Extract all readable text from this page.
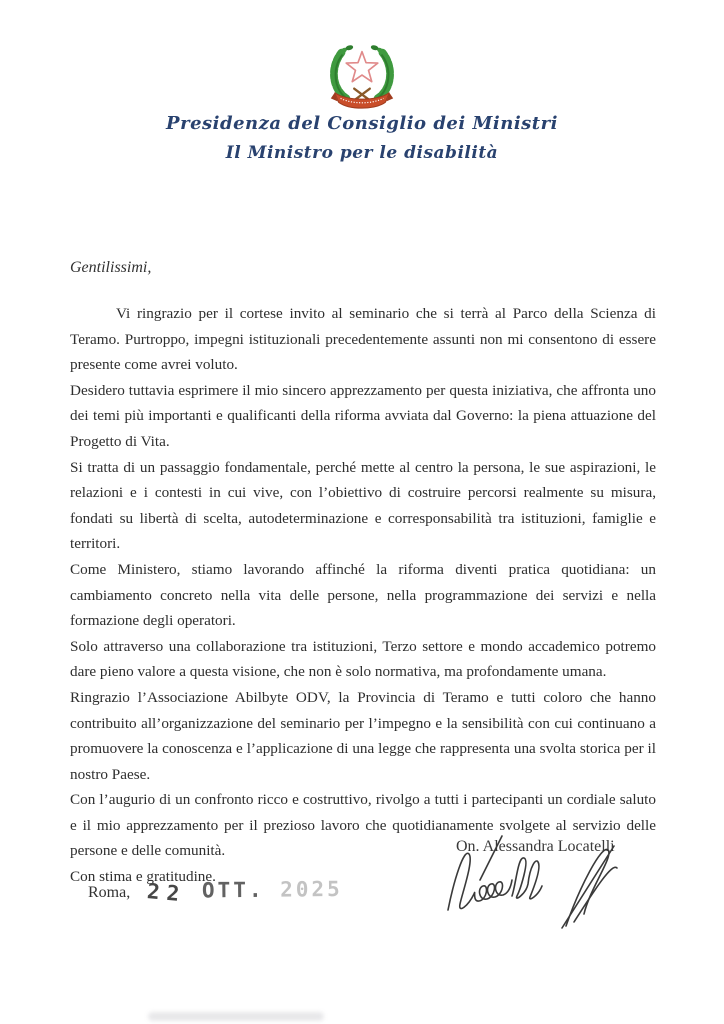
Presidenza del Consiglio dei Ministri
Il Ministro per le disabilità
Gentilissimi,

Vi ringrazio per il cortese invito al seminario che si terrà al Parco della Scienza di Teramo. Purtroppo, impegni istituzionali precedentemente assunti non mi consentono di essere presente come avrei voluto.

Desidero tuttavia esprimere il mio sincero apprezzamento per questa iniziativa, che affronta uno dei temi più importanti e qualificanti della riforma avviata dal Governo: la piena attuazione del Progetto di Vita.

Si tratta di un passaggio fondamentale, perché mette al centro la persona, le sue aspirazioni, le relazioni e i contesti in cui vive, con l’obiettivo di costruire percorsi realmente su misura, fondati su libertà di scelta, autodeterminazione e corresponsabilità tra istituzioni, famiglie e territori.

Come Ministero, stiamo lavorando affinché la riforma diventi pratica quotidiana: un cambiamento concreto nella vita delle persone, nella programmazione dei servizi e nella formazione degli operatori.

Solo attraverso una collaborazione tra istituzioni, Terzo settore e mondo accademico potremo dare pieno valore a questa visione, che non è solo normativa, ma profondamente umana.

Ringrazio l’Associazione Abilbyte ODV, la Provincia di Teramo e tutti coloro che hanno contribuito all’organizzazione del seminario per l’impegno e la sensibilità con cui continuano a promuovere la conoscenza e l’applicazione di una legge che rappresenta una svolta storica per il nostro Paese.

Con l’augurio di un confronto ricco e costruttivo, rivolgo a tutti i partecipanti un cordiale saluto e il mio apprezzamento per il prezioso lavoro che quotidianamente svolgete al servizio delle persone e delle comunità.

Con stima e gratitudine.

On. Alessandra Locatelli
Roma, 22 OTT. 2025
